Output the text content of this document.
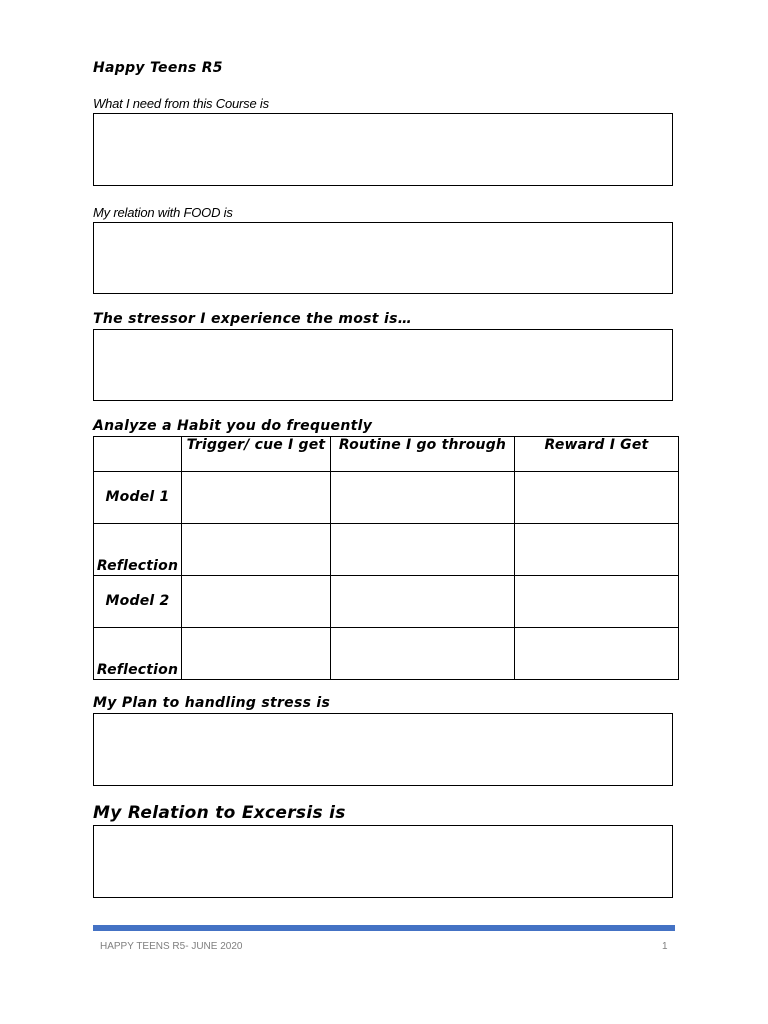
Happy Teens R5
What I need from this Course is
My relation with FOOD is
The stressor I experience the most is…
Analyze a Habit you do frequently
	Trigger/ cue I get	Routine I go through	Reward I Get
Model 1			
Reflection			
Model 2			
Reflection			
My Plan to handling stress is
My Relation to Excersis is
HAPPY TEENS R5- JUNE 2020	1
